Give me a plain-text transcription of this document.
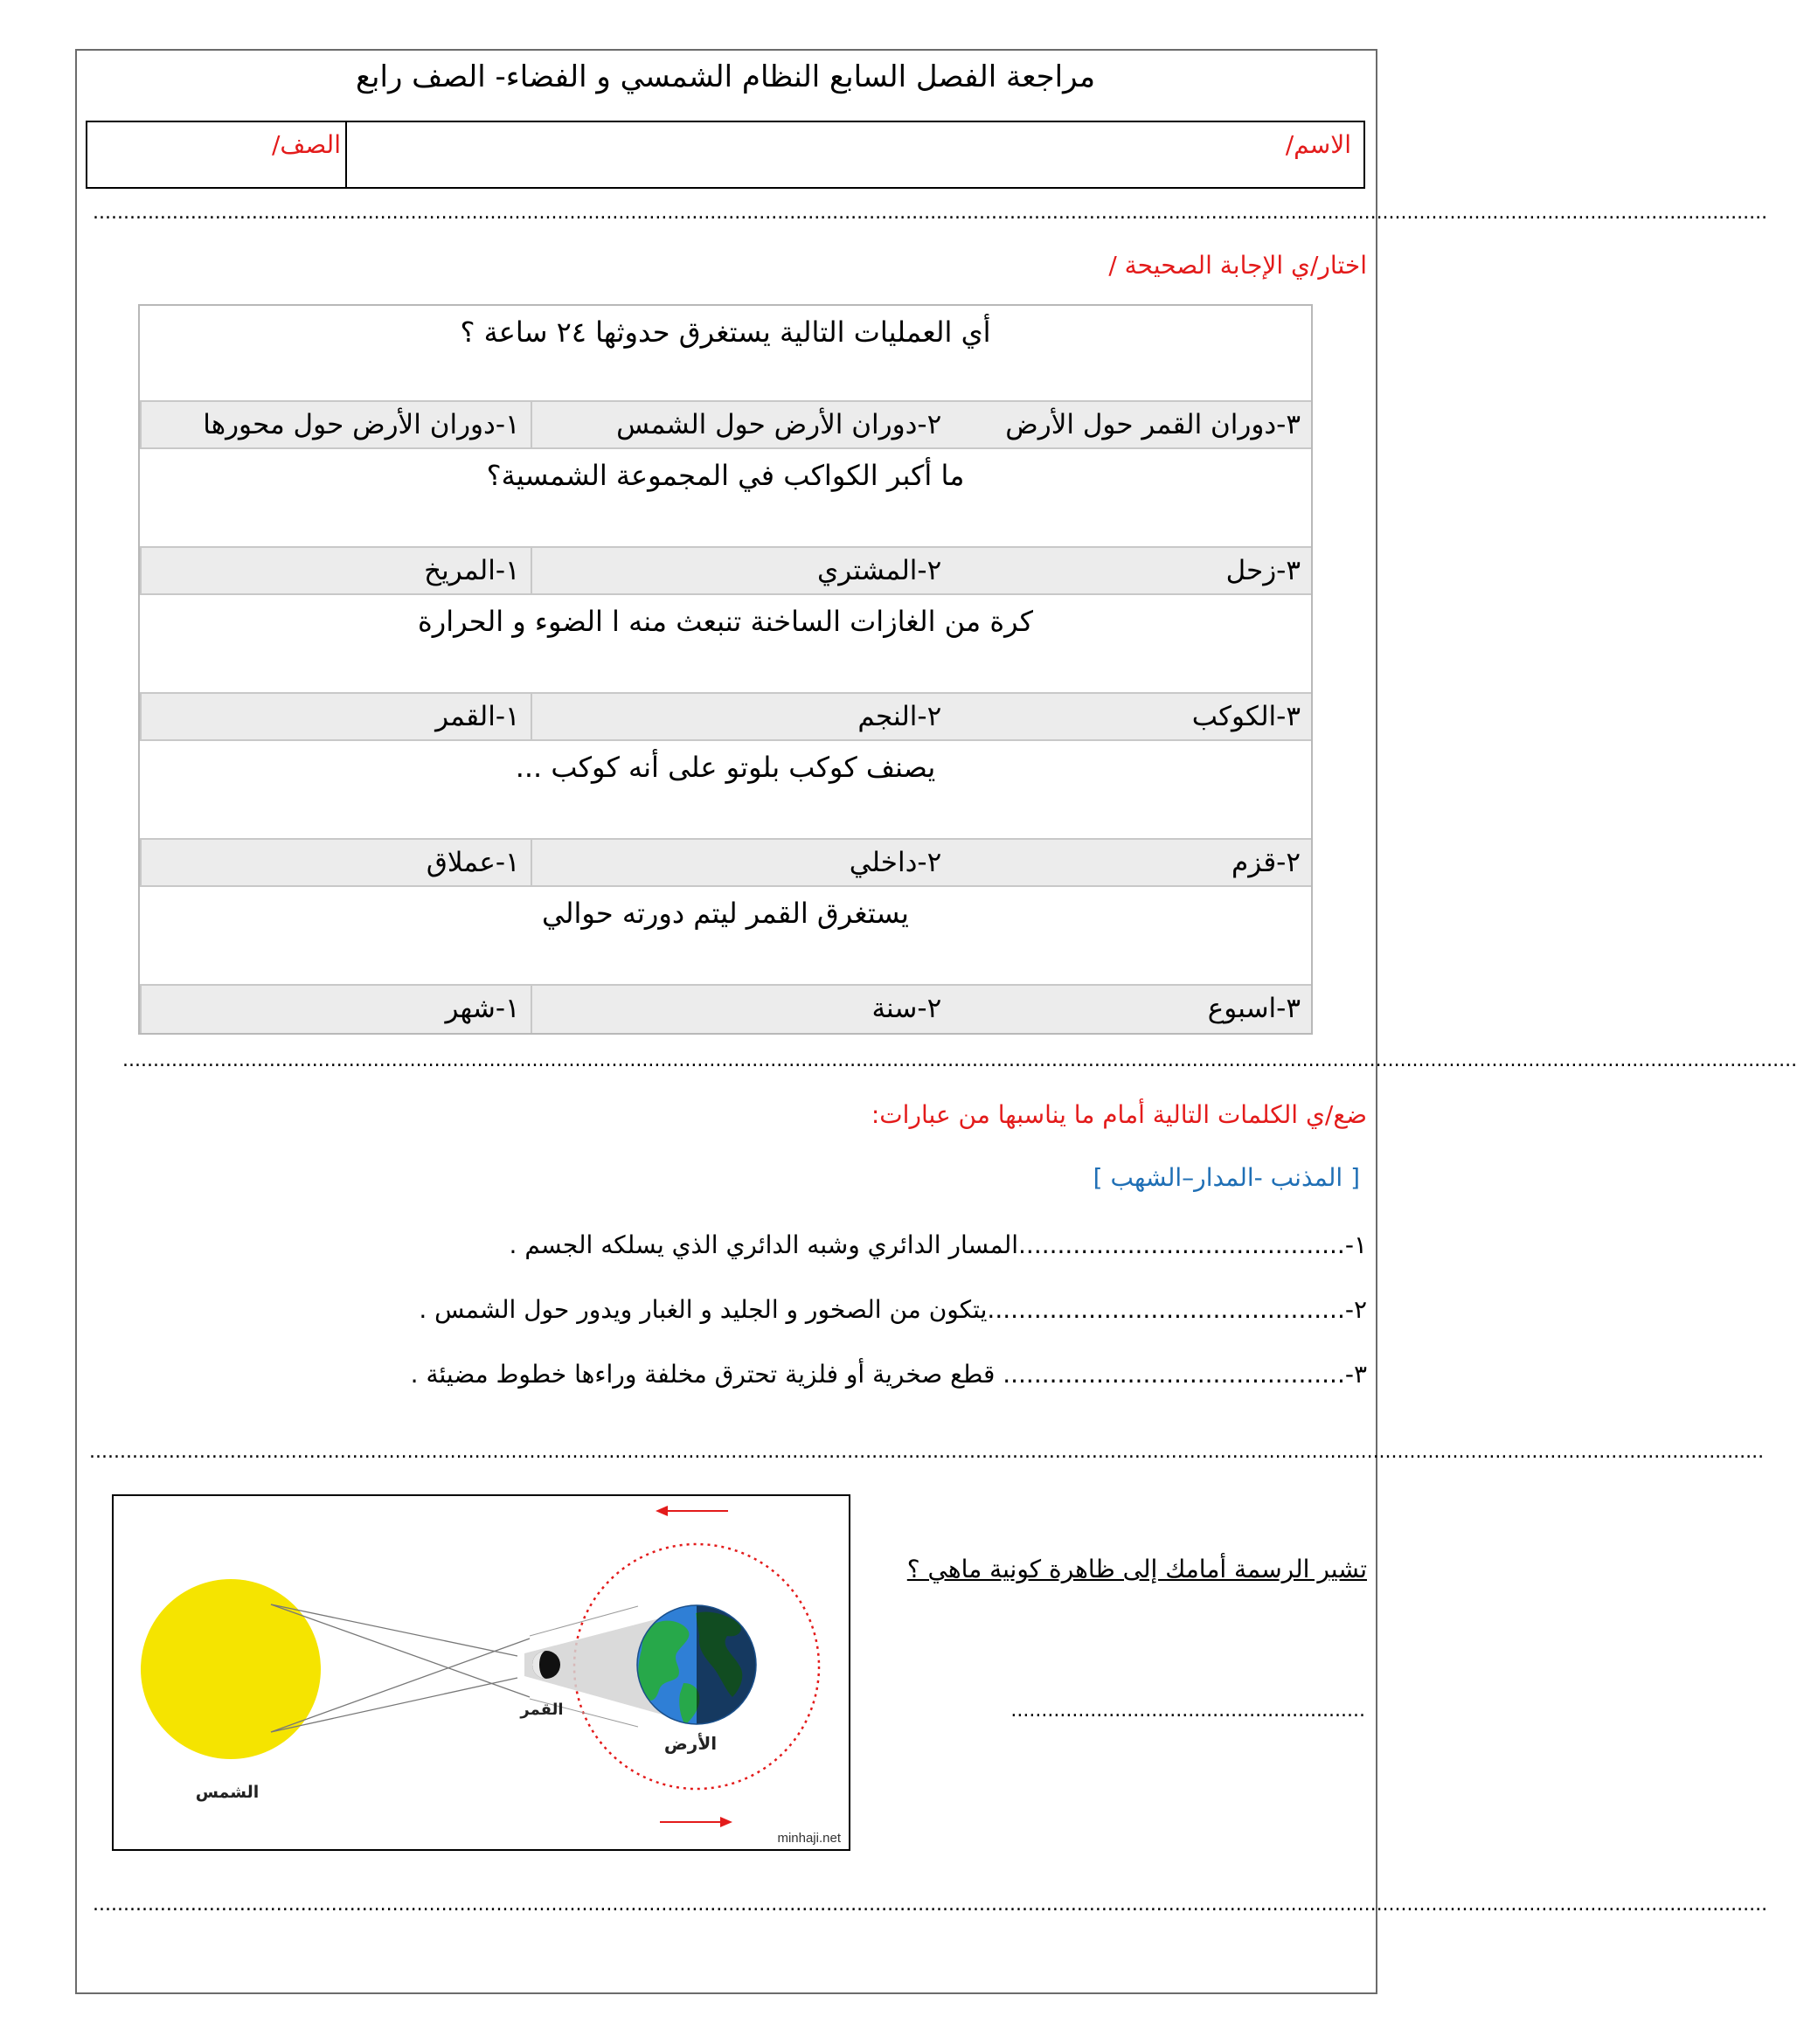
مراجعة الفصل السابع النظام الشمسي و الفضاء- الصف رابع
الاسم/
الصف/
..................................................................................................................................................................................................................................................................................
اختار/ي الإجابة الصحيحة /
أي العمليات التالية يستغرق حدوثها ٢٤ ساعة ؟
١-دوران الأرض حول محورها	٢-دوران الأرض حول الشمس	٣-دوران القمر حول الأرض
ما أكبر الكواكب في المجموعة الشمسية؟
١-المريخ	٢-المشتري	٣-زحل
كرة من الغازات الساخنة تنبعث منه ا الضوء و الحرارة
١-القمر	٢-النجم	٣-الكوكب
يصنف كوكب بلوتو على أنه كوكب ...
١-عملاق	٢-داخلي	٢-قزم
يستغرق القمر ليتم دورته حوالي
١-شهر	٢-سنة	٣-اسبوع
..................................................................................................................................................................................................................................................................................
ضع/ي الكلمات التالية أمام ما يناسبها من عبارات:
[ المذنب -المدار–الشهب ]
١-..........................................المسار الدائري وشبه الدائري الذي يسلكه الجسم .
٢-..............................................يتكون من الصخور و الجليد و الغبار ويدور حول الشمس .
٣-............................................ قطع صخرية أو فلزية تحترق مخلفة وراءها خطوط مضيئة .
..................................................................................................................................................................................................................................................................................
الشمس
القمر
الأرض
minhaji.net
تشير الرسمة أمامك إلى ظاهرة كونية ماهي ؟
..........................................................
..................................................................................................................................................................................................................................................................................
